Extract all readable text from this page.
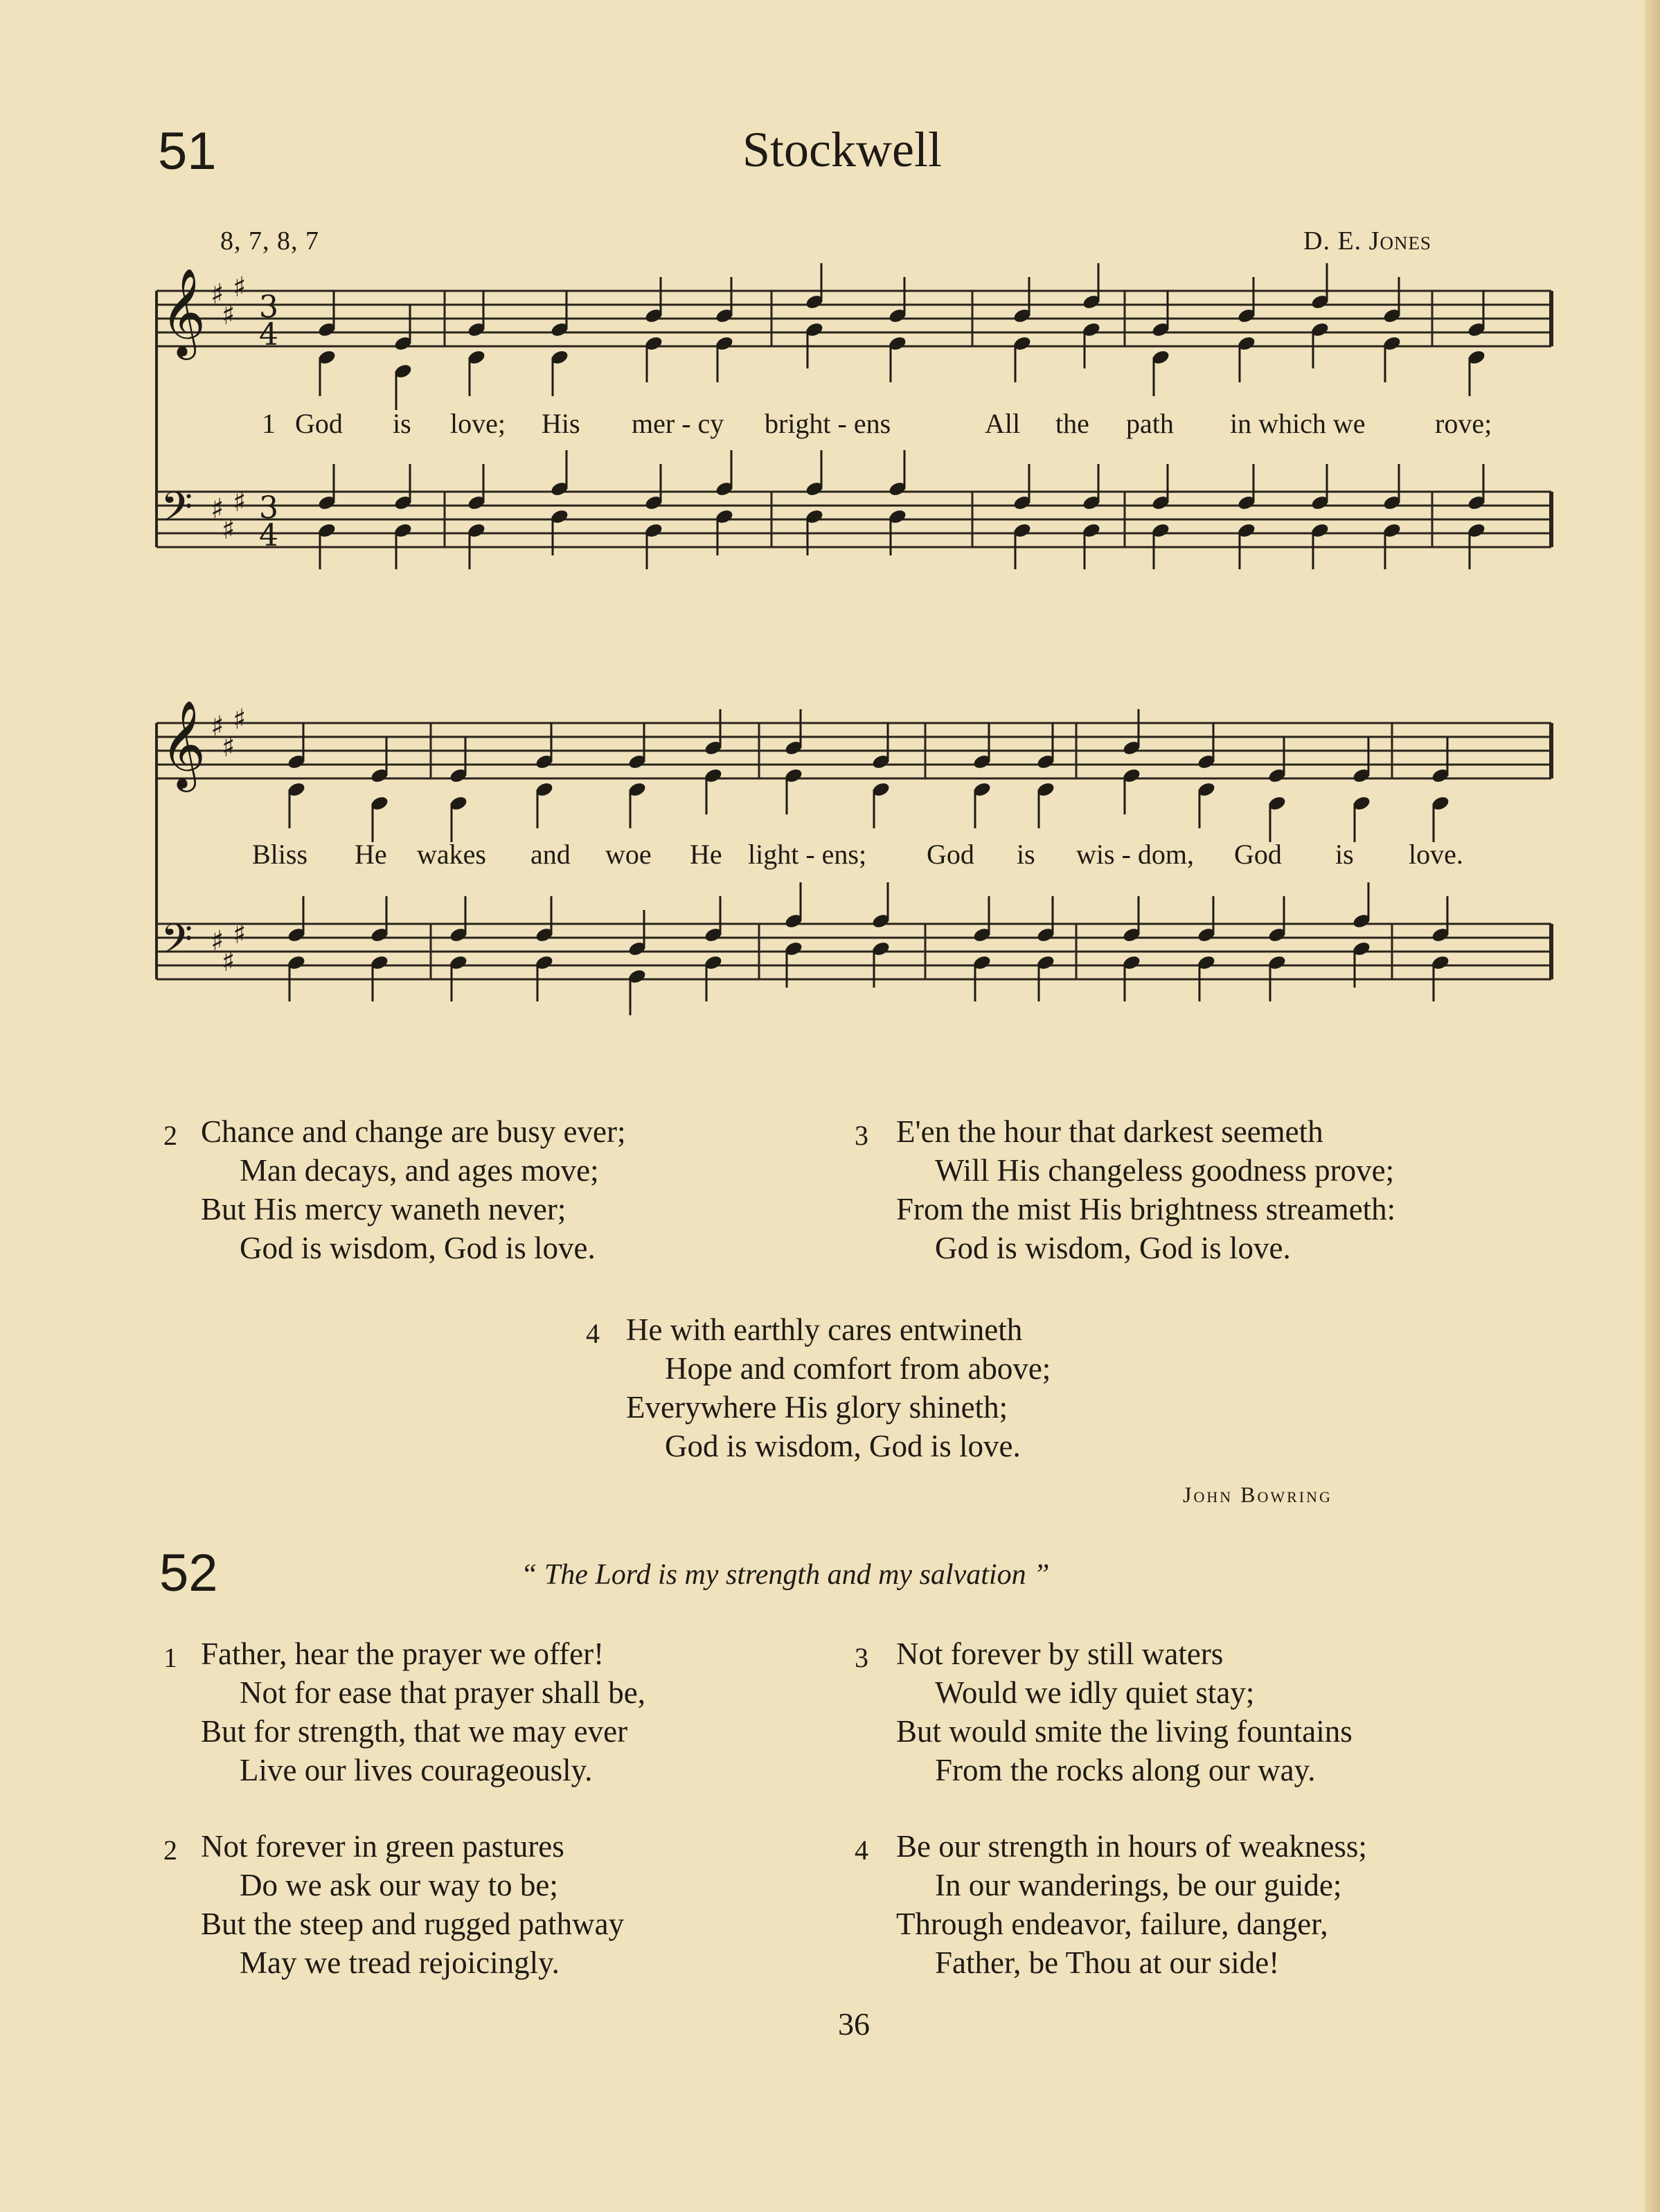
51	Stockwell
8, 7, 8, 7	D. E. Jones
𝄞 ♯
♯
♯
3
4
𝄢 ♯
♯
♯ 3
4
𝄞 ♯
♯
♯
𝄢 ♯
♯
♯
1 God is love; His mer - cy bright - ens	All the path in which we	rove;
Bliss He wakes and woe He light - ens; God is wis - dom, God is love.
2 Chance and change are busy ever;
Man decays, and ages move;
But His mercy waneth never;
God is wisdom, God is love.
3 E'en the hour that darkest seemeth
Will His changeless goodness prove;
From the mist His brightness streameth:
God is wisdom, God is love.
4 He with earthly cares entwineth
Hope and comfort from above;
Everywhere His glory shineth;
God is wisdom, God is love.
John Bowring
52	“ The Lord is my strength and my salvation ”
1 Father, hear the prayer we offer!
Not for ease that prayer shall be,
But for strength, that we may ever
Live our lives courageously.
2 Not forever in green pastures
Do we ask our way to be;
But the steep and rugged pathway
May we tread rejoicingly.
3 Not forever by still waters
Would we idly quiet stay;
But would smite the living fountains
From the rocks along our way.
4 Be our strength in hours of weakness;
In our wanderings, be our guide;
Through endeavor, failure, danger,
Father, be Thou at our side!
36
